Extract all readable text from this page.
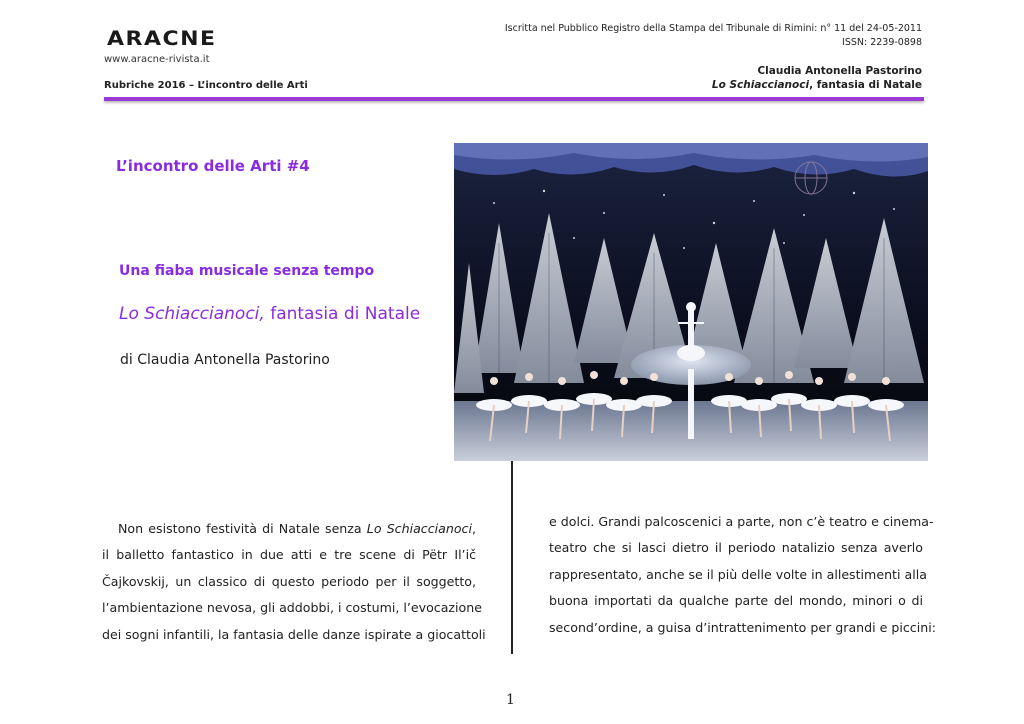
ARACNE
www.aracne-rivista.it
Iscritta nel Pubblico Registro della Stampa del Tribunale di Rimini: n° 11 del 24-05-2011
ISSN: 2239-0898
Rubriche 2016 – L’incontro delle Arti
Claudia Antonella Pastorino
Lo Schiaccianoci, fantasia di Natale
L’incontro delle Arti #4
Una fiaba musicale senza tempo
Lo Schiaccianoci, fantasia di Natale
di Claudia Antonella Pastorino
Non esistono festività di Natale senza Lo Schiaccianoci,
il balletto fantastico in due atti e tre scene di Pëtr Il’ič
Čajkovskij, un classico di questo periodo per il soggetto,
l’ambientazione nevosa, gli addobbi, i costumi, l’evocazione
dei sogni infantili, la fantasia delle danze ispirate a giocattoli
e dolci. Grandi palcoscenici a parte, non c’è teatro e cinema-
teatro che si lasci dietro il periodo natalizio senza averlo
rappresentato, anche se il più delle volte in allestimenti alla
buona importati da qualche parte del mondo, minori o di
second’ordine, a guisa d’intrattenimento per grandi e piccini:
1
